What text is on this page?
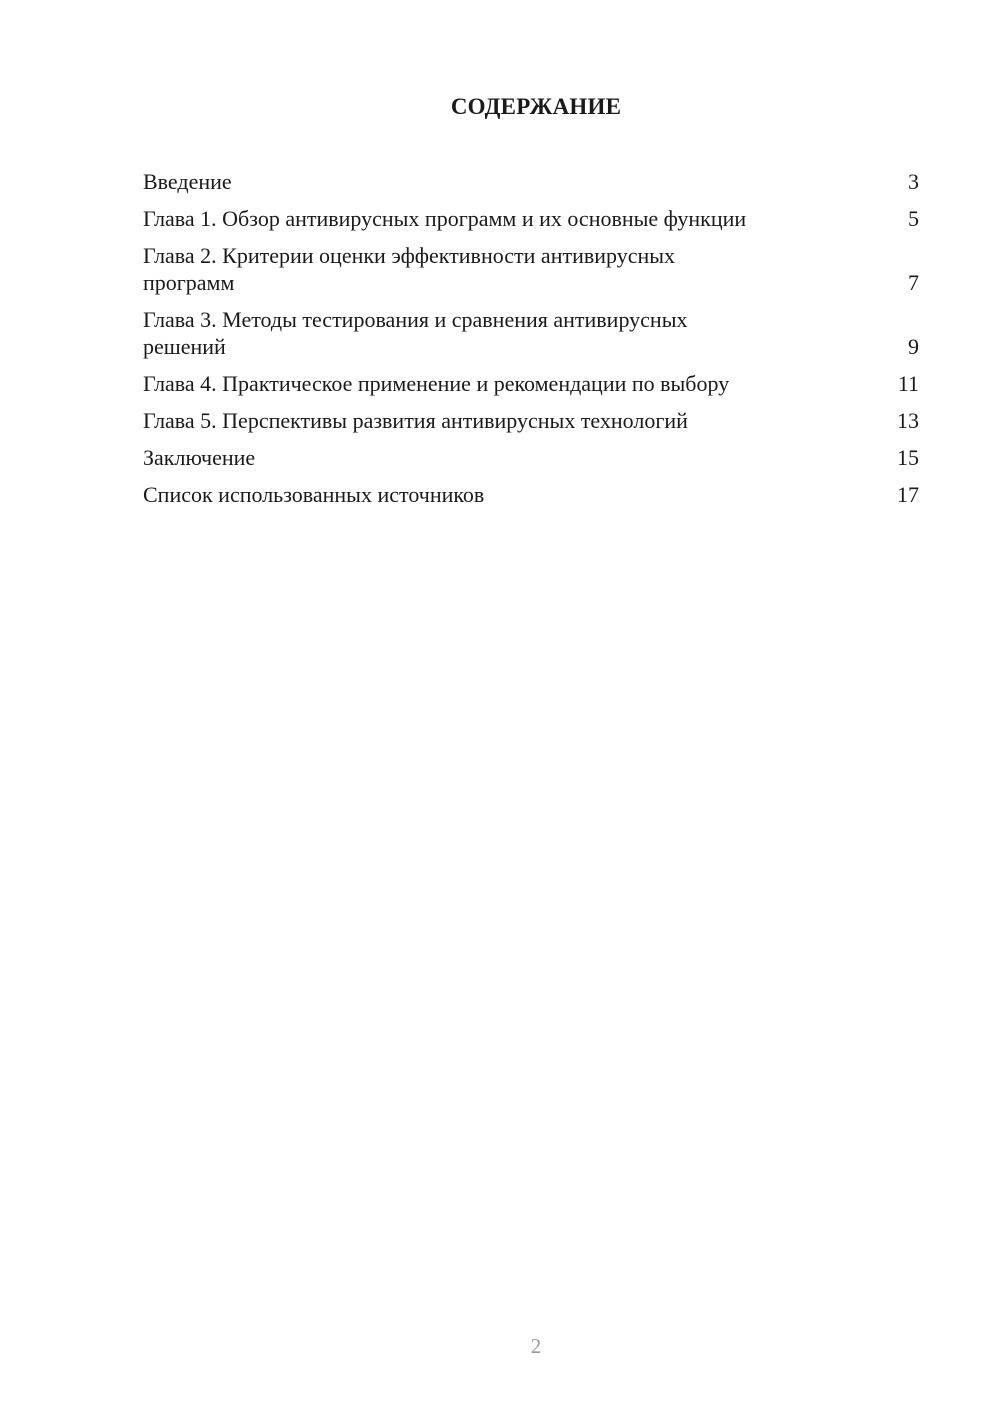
СОДЕРЖАНИЕ
Введение	3
Глава 1. Обзор антивирусных программ и их основные функции	5
Глава 2. Критерии оценки эффективности антивирусных программ	7
Глава 3. Методы тестирования и сравнения антивирусных решений	9
Глава 4. Практическое применение и рекомендации по выбору	11
Глава 5. Перспективы развития антивирусных технологий	13
Заключение	15
Список использованных источников	17
2
